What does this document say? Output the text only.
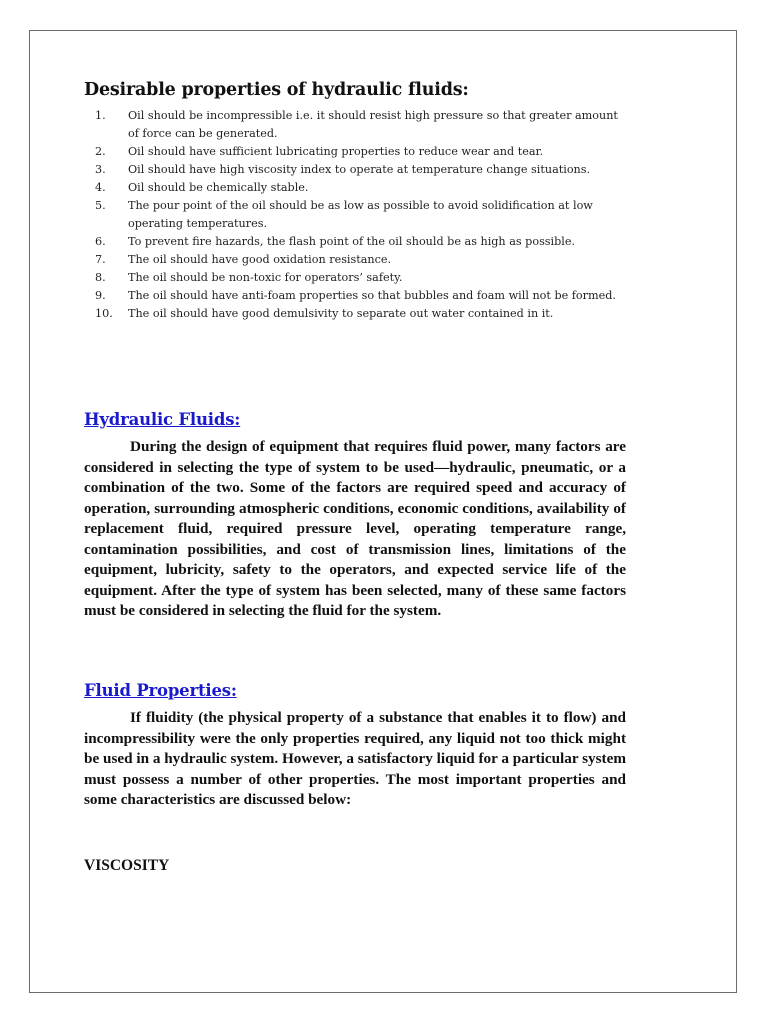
Desirable properties of hydraulic fluids:
1. Oil should be incompressible i.e. it should resist high pressure so that greater amount of force can be generated.
2. Oil should have sufficient lubricating properties to reduce wear and tear.
3. Oil should have high viscosity index to operate at temperature change situations.
4. Oil should be chemically stable.
5. The pour point of the oil should be as low as possible to avoid solidification at low operating temperatures.
6. To prevent fire hazards, the flash point of the oil should be as high as possible.
7. The oil should have good oxidation resistance.
8. The oil should be non-toxic for operators’ safety.
9. The oil should have anti-foam properties so that bubbles and foam will not be formed.
10. The oil should have good demulsivity to separate out water contained in it.
Hydraulic Fluids:

During the design of equipment that requires fluid power, many factors are considered in selecting the type of system to be used—hydraulic, pneumatic, or a combination of the two. Some of the factors are required speed and accuracy of operation, surrounding atmospheric conditions, economic conditions, availability of replacement fluid, required pressure level, operating temperature range, contamination possibilities, and cost of transmission lines, limitations of the equipment, lubricity, safety to the operators, and expected service life of the equipment. After the type of system has been selected, many of these same factors must be considered in selecting the fluid for the system.

Fluid Properties:

If fluidity (the physical property of a substance that enables it to flow) and incompressibility were the only properties required, any liquid not too thick might be used in a hydraulic system. However, a satisfactory liquid for a particular system must possess a number of other properties. The most important properties and some characteristics are discussed below:

VISCOSITY
